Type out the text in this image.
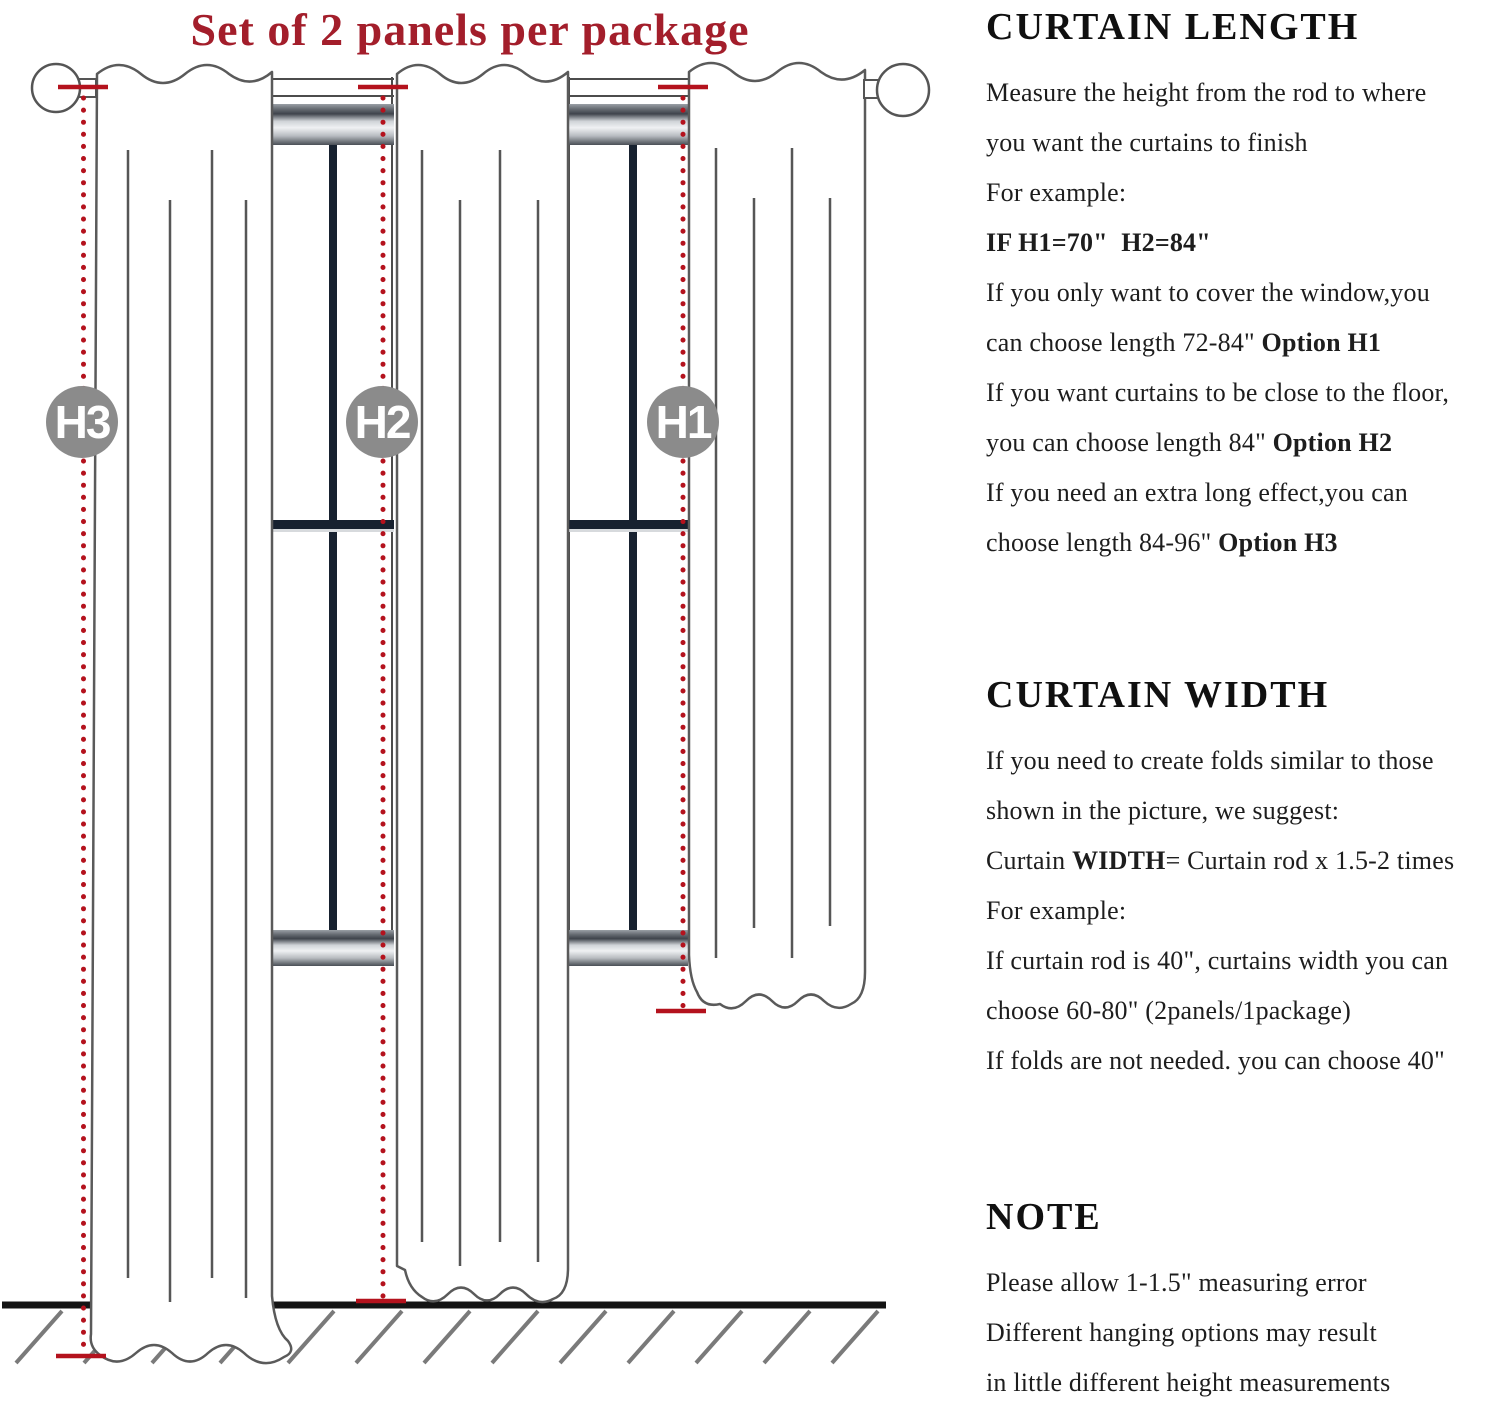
Set of 2 panels per package
H3	H2	H1
CURTAIN LENGTH
Measure the height from the rod to where
you want the curtains to finish
For example:
IF H1=70"  H2=84"
If you only want to cover the window,you
can choose length 72-84" Option H1
If you want curtains to be close to the floor,
you can choose length 84" Option H2
If you need an extra long effect,you can
choose length 84-96" Option H3
CURTAIN WIDTH
If you need to create folds similar to those
shown in the picture, we suggest:
Curtain WIDTH= Curtain rod x 1.5-2 times
For example:
If curtain rod is 40", curtains width you can
choose 60-80" (2panels/1package)
If folds are not needed. you can choose 40"
NOTE
Please allow 1-1.5" measuring error
Different hanging options may result
in little different height measurements
